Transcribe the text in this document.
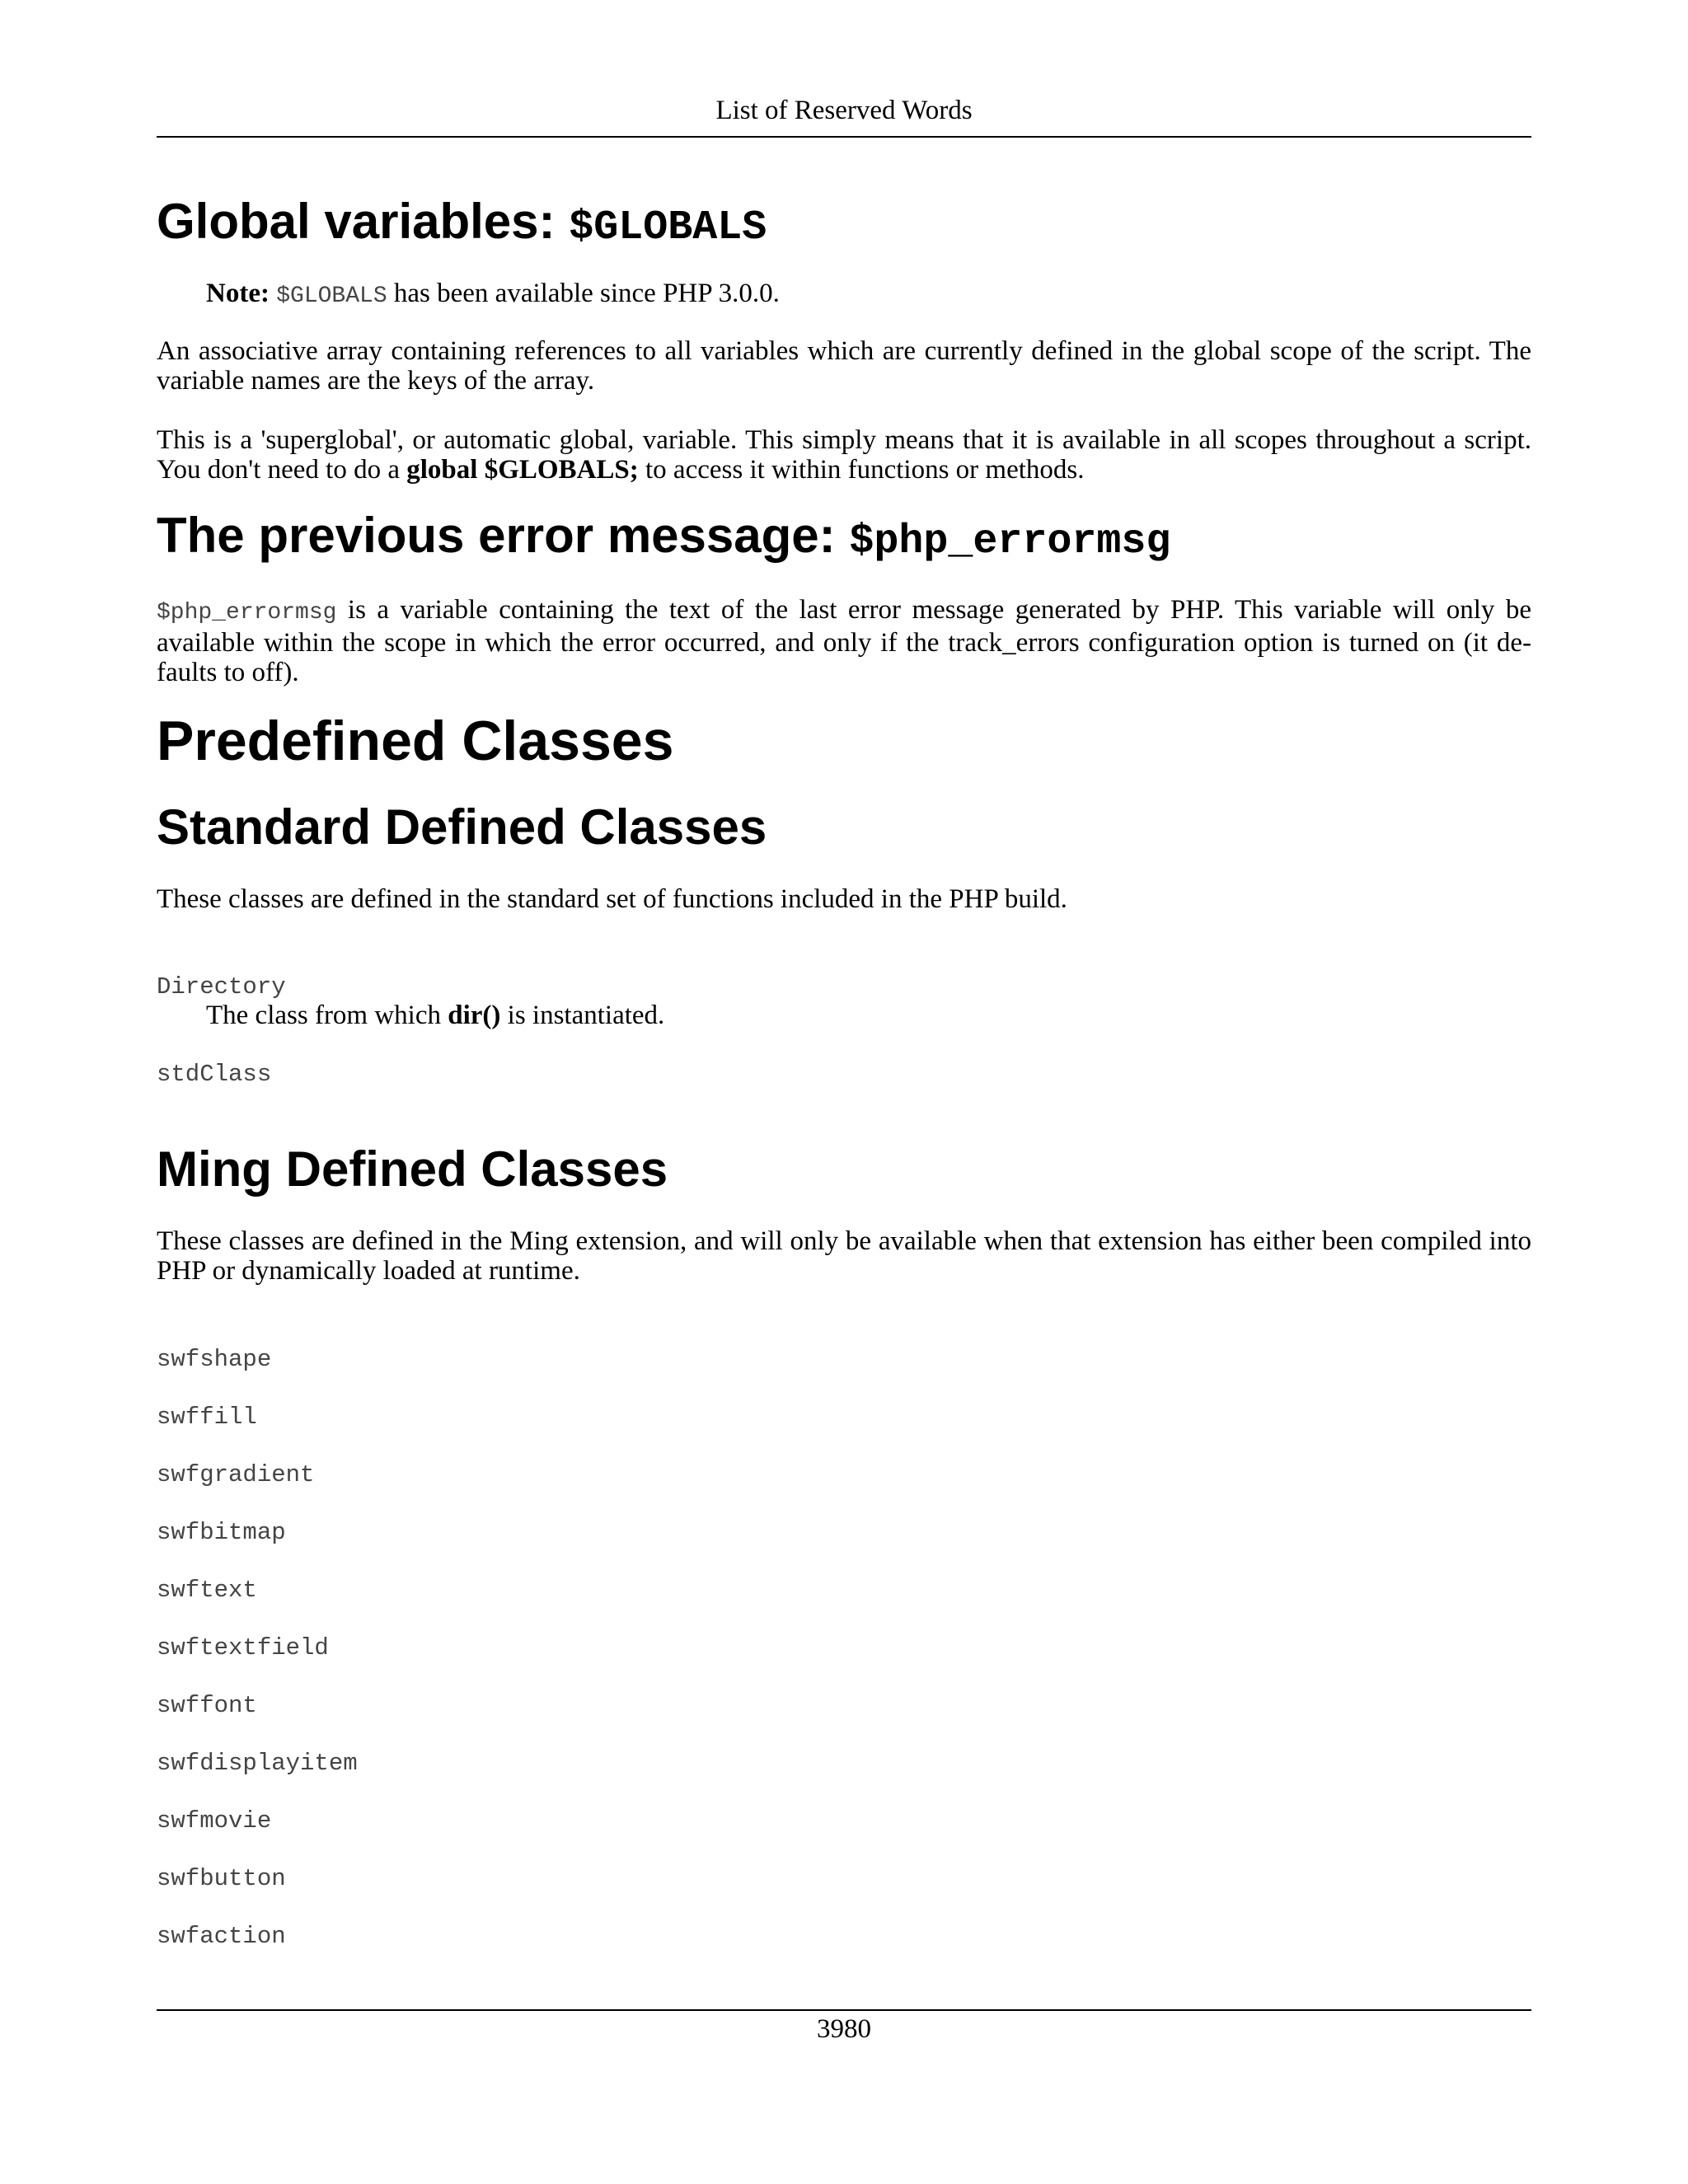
List of Reserved Words
Global variables: $GLOBALS

Note: $GLOBALS has been available since PHP 3.0.0.

An associative array containing references to all variables which are currently defined in the global scope of the script. The variable names are the keys of the array.

This is a 'superglobal', or automatic global, variable. This simply means that it is available in all scopes throughout a script. You don't need to do a global $GLOBALS; to access it within functions or methods.

The previous error message: $php_errormsg

$php_errormsg is a variable containing the text of the last error message generated by PHP. This variable will only be available within the scope in which the error occurred, and only if the track_errors configuration option is turned on (it defaults to off).

Predefined Classes
Standard Defined Classes

These classes are defined in the standard set of functions included in the PHP build.

Directory

The class from which dir() is instantiated.

stdClass
Ming Defined Classes

These classes are defined in the Ming extension, and will only be available when that extension has either been compiled into PHP or dynamically loaded at runtime.

swfshape
swffill
swfgradient
swfbitmap
swftext
swftextfield
swffont
swfdisplayitem
swfmovie
swfbutton
swfaction
3980
